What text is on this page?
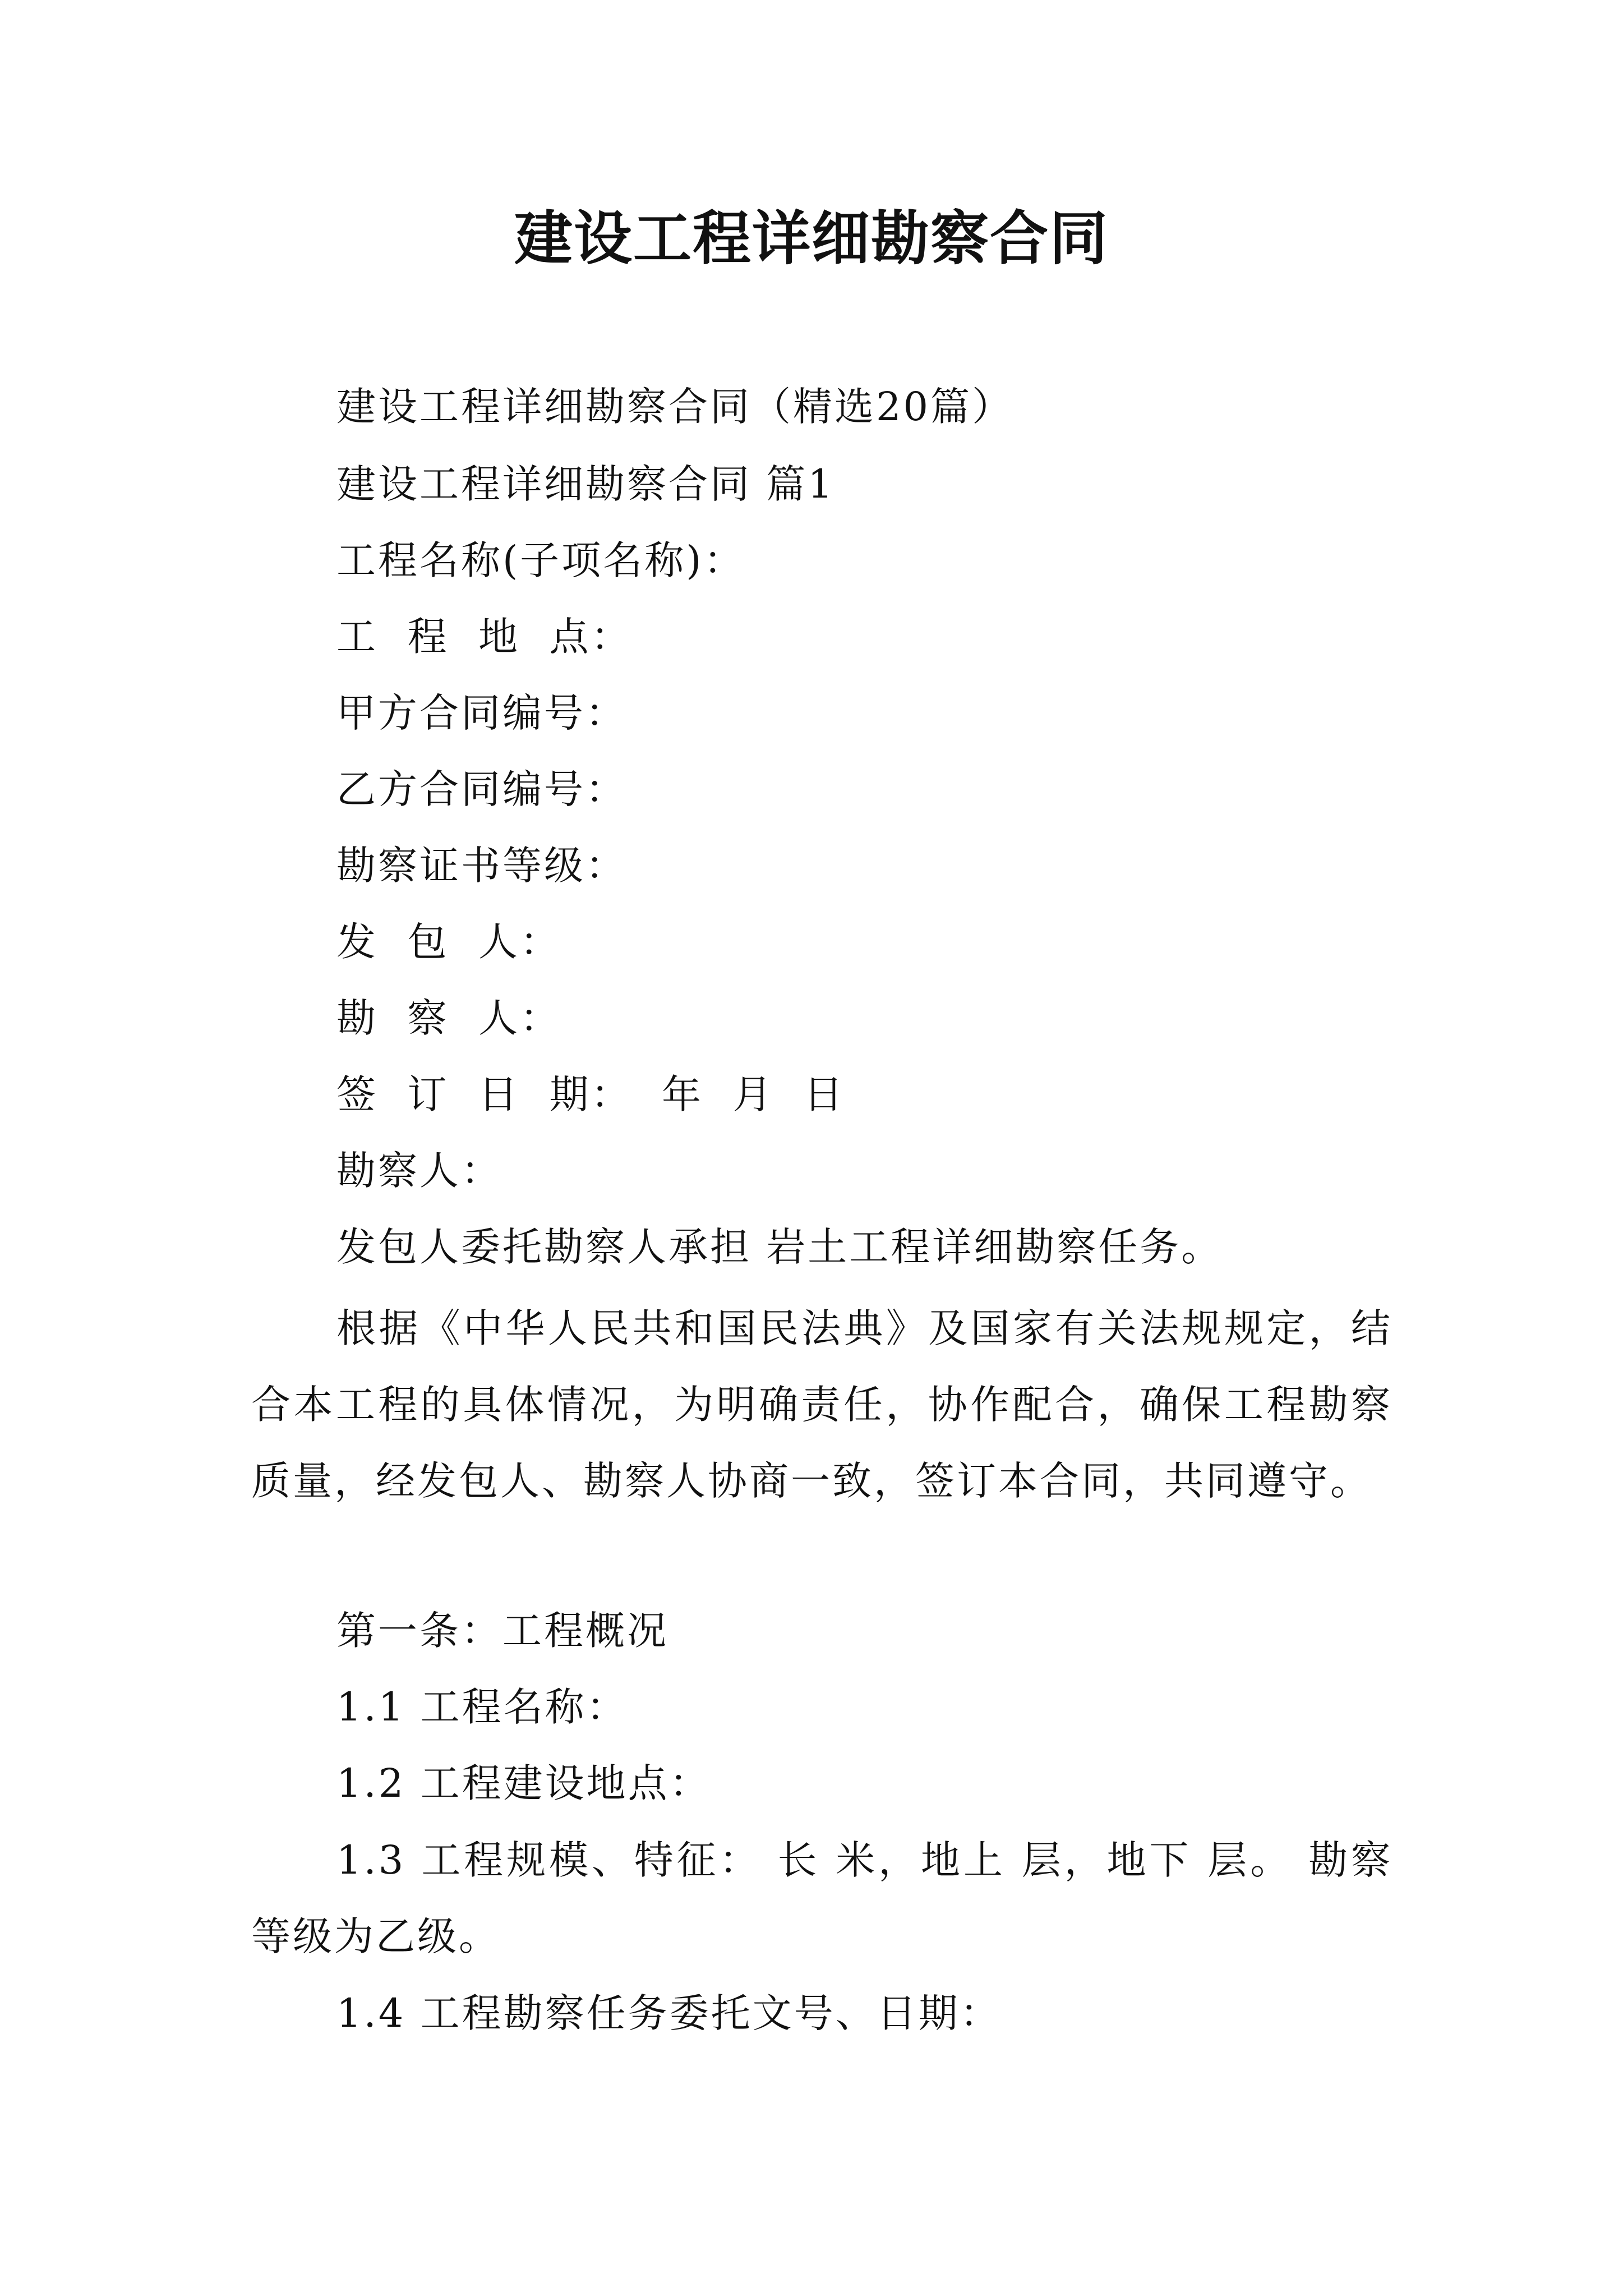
建设工程详细勘察合同

建设工程详细勘察合同（精选20篇）

建设工程详细勘察合同 篇1

工程名称(子项名称)：

工  程  地  点：

甲方合同编号：

乙方合同编号：

勘察证书等级：

发  包  人：

勘  察  人：

签  订  日  期：  年  月  日

勘察人：

发包人委托勘察人承担 岩土工程详细勘察任务。

根据《中华人民共和国民法典》及国家有关法规规定，结合本工程的具体情况，为明确责任，协作配合，确保工程勘察质量，经发包人、勘察人协商一致，签订本合同，共同遵守。

第一条：工程概况

1.1 工程名称：

1.2 工程建设地点：

1.3 工程规模、特征： 长 米，地上 层，地下 层。 勘察等级为乙级。

1.4 工程勘察任务委托文号、日期：
